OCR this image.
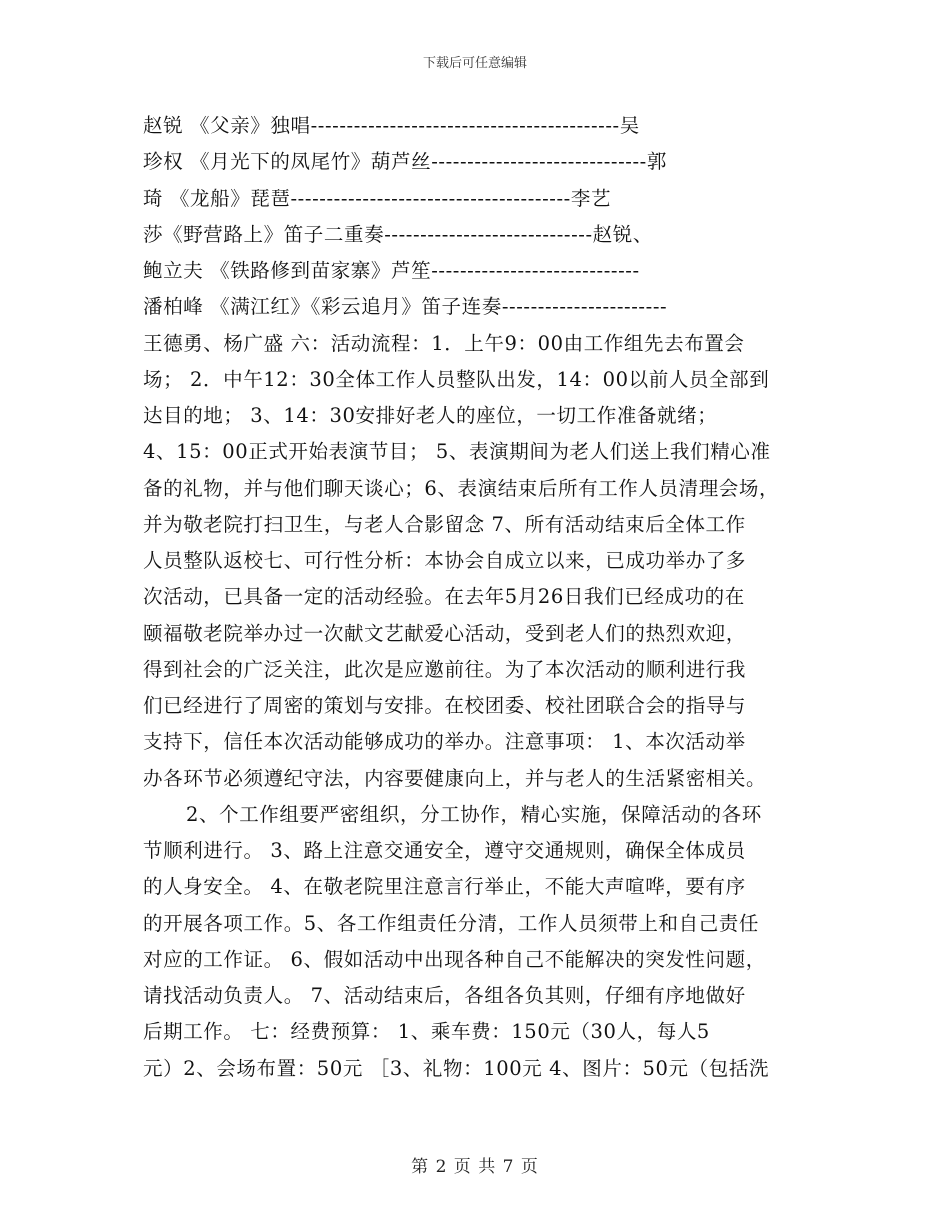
下载后可任意编辑
赵锐 《父亲》独唱-------------------------------------------吴
珍权 《月光下的凤尾竹》葫芦丝------------------------------郭
琦 《龙船》琵琶---------------------------------------李艺
莎《野营路上》笛子二重奏-----------------------------赵锐、
鲍立夫 《铁路修到苗家寨》芦笙-----------------------------
潘柏峰 《满江红》《彩云追月》笛子连奏-----------------------
王德勇、杨广盛 六：活动流程：1．上午9：00由工作组先去布置会
场； 2．中午12：30全体工作人员整队出发，14：00以前人员全部到
达目的地； 3、14：30安排好老人的座位，一切工作准备就绪；
4、15：00正式开始表演节目； 5、表演期间为老人们送上我们精心准
备的礼物，并与他们聊天谈心；6、表演结束后所有工作人员清理会场，
并为敬老院打扫卫生，与老人合影留念 7、所有活动结束后全体工作
人员整队返校七、可行性分析：本协会自成立以来，已成功举办了多
次活动，已具备一定的活动经验。在去年5月26日我们已经成功的在
颐福敬老院举办过一次献文艺献爱心活动，受到老人们的热烈欢迎，
得到社会的广泛关注，此次是应邀前往。为了本次活动的顺利进行我
们已经进行了周密的策划与安排。在校团委、校社团联合会的指导与
支持下，信任本次活动能够成功的举办。注意事项： 1、本次活动举
办各环节必须遵纪守法，内容要健康向上，并与老人的生活紧密相关。
2、个工作组要严密组织，分工协作，精心实施，保障活动的各环
节顺利进行。 3、路上注意交通安全，遵守交通规则，确保全体成员
的人身安全。 4、在敬老院里注意言行举止，不能大声喧哗，要有序
的开展各项工作。5、各工作组责任分清，工作人员须带上和自己责任
对应的工作证。 6、假如活动中出现各种自己不能解决的突发性问题，
请找活动负责人。 7、活动结束后，各组各负其则，仔细有序地做好
后期工作。 七：经费预算： 1、乘车费：150元（30人，每人5
元）2、会场布置：50元 ［3、礼物：100元 4、图片：50元（包括洗
第 2 页 共 7 页
